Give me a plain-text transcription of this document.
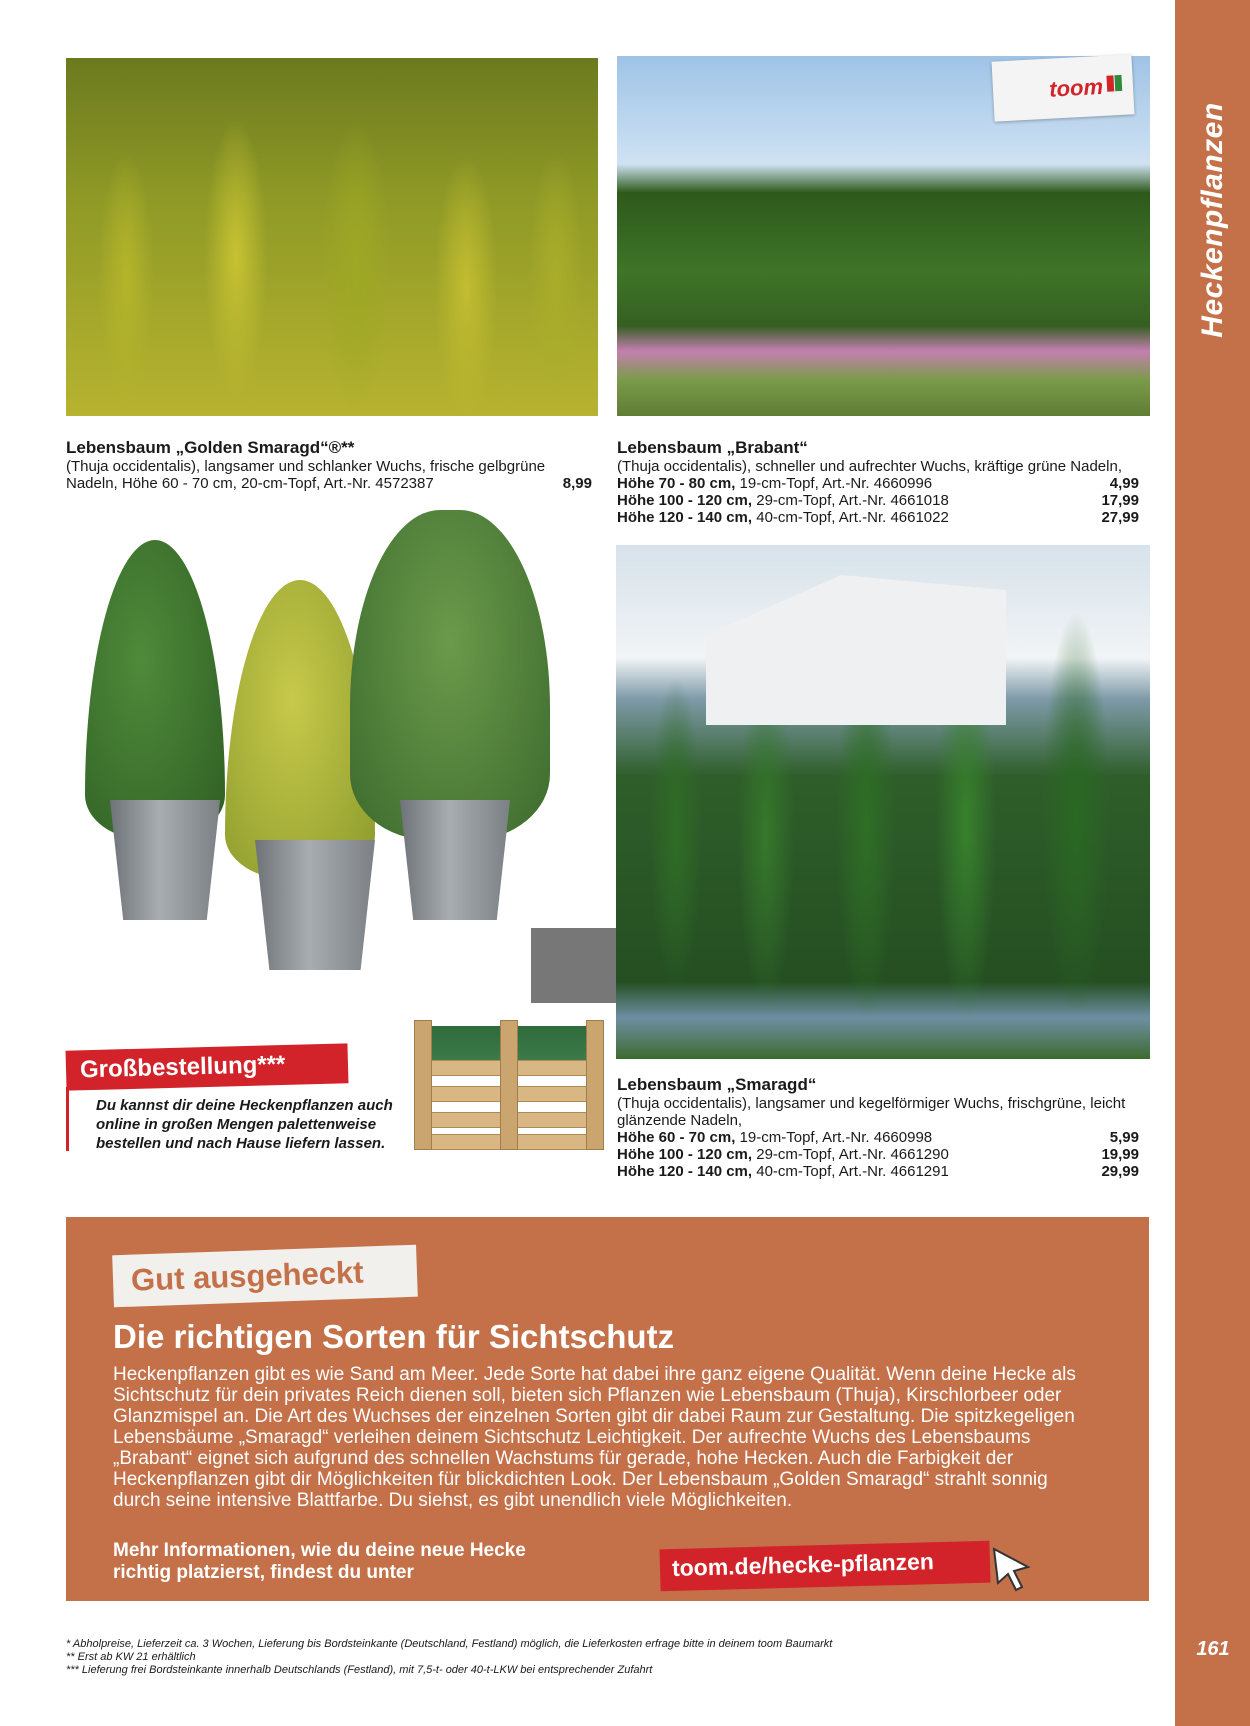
Heckenpflanzen
161
toom
Lebensbaum „Golden Smaragd“®**
(Thuja occidentalis), langsamer und schlanker Wuchs, frische gelbgrüne
Nadeln, Höhe 60 - 70 cm, 20-cm-Topf, Art.-Nr. 4572387	8,99
Lebensbaum „Brabant“
(Thuja occidentalis), schneller und aufrechter Wuchs, kräftige grüne Nadeln,
Höhe 70 - 80 cm, 19-cm-Topf, Art.-Nr. 4660996	4,99
Höhe 100 - 120 cm, 29-cm-Topf, Art.-Nr. 4661018	17,99
Höhe 120 - 140 cm, 40-cm-Topf, Art.-Nr. 4661022	27,99
Lebensbaum „Smaragd“
(Thuja occidentalis), langsamer und kegelförmiger Wuchs, frischgrüne, leicht glänzende Nadeln,
Höhe 60 - 70 cm, 19-cm-Topf, Art.-Nr. 4660998	5,99
Höhe 100 - 120 cm, 29-cm-Topf, Art.-Nr. 4661290	19,99
Höhe 120 - 140 cm, 40-cm-Topf, Art.-Nr. 4661291	29,99
Großbestellung***
Du kannst dir deine Heckenpflanzen auch online in großen Mengen palettenweise bestellen und nach Hause liefern lassen.
Gut ausgeheckt
Die richtigen Sorten für Sichtschutz
Heckenpflanzen gibt es wie Sand am Meer. Jede Sorte hat dabei ihre ganz eigene Qualität. Wenn deine Hecke als Sichtschutz für dein privates Reich dienen soll, bieten sich Pflanzen wie Lebensbaum (Thuja), Kirschlorbeer oder Glanzmispel an. Die Art des Wuchses der einzelnen Sorten gibt dir dabei Raum zur Gestaltung. Die spitzkegeligen Lebensbäume „Smaragd“ verleihen deinem Sichtschutz Leichtigkeit. Der aufrechte Wuchs des Lebensbaums „Brabant“ eignet sich aufgrund des schnellen Wachstums für gerade, hohe Hecken. Auch die Farbigkeit der Heckenpflanzen gibt dir Möglichkeiten für blickdichten Look. Der Lebensbaum „Golden Smaragd“ strahlt sonnig durch seine intensive Blattfarbe. Du siehst, es gibt unendlich viele Möglichkeiten.
Mehr Informationen, wie du deine neue Hecke richtig platzierst, findest du unter	toom.de/hecke-pflanzen
* Abholpreise, Lieferzeit ca. 3 Wochen, Lieferung bis Bordsteinkante (Deutschland, Festland) möglich, die Lieferkosten erfrage bitte in deinem toom Baumarkt
** Erst ab KW 21 erhältlich
*** Lieferung frei Bordsteinkante innerhalb Deutschlands (Festland), mit 7,5-t- oder 40-t-LKW bei entsprechender Zufahrt
